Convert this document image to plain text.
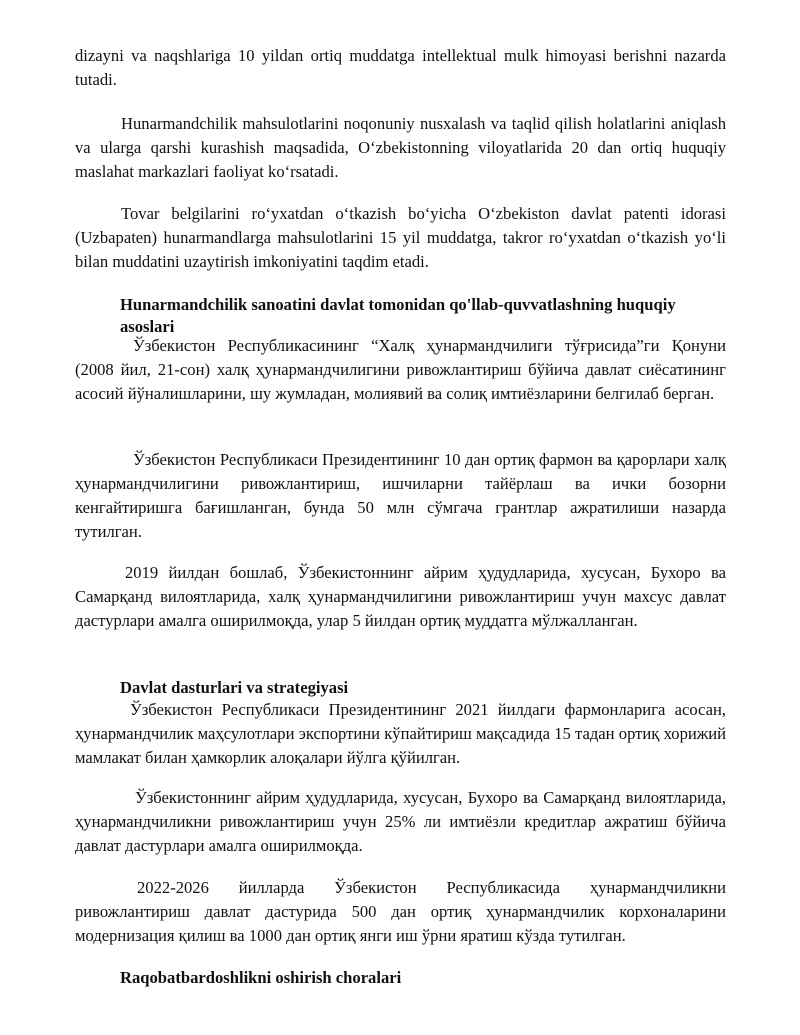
dizayni va naqshlariga 10 yildan ortiq muddatga intellektual mulk himoyasi berishni nazarda tutadi.

Hunarmandchilik mahsulotlarini noqonuniy nusxalash va taqlid qilish holatlarini aniqlash va ularga qarshi kurashish maqsadida, O‘zbekistonning viloyatlarida 20 dan ortiq huquqiy maslahat markazlari faoliyat ko‘rsatadi.

Tovar belgilarini ro‘yxatdan o‘tkazish bo‘yicha O‘zbekiston davlat patenti idorasi (Uzbapaten) hunarmandlarga mahsulotlarini 15 yil muddatga, takror ro‘yxatdan o‘tkazish yo‘li bilan muddatini uzaytirish imkoniyatini taqdim etadi.

Hunarmandchilik sanoatini davlat tomonidan qo'llab-quvvatlashning huquqiy asoslari

Ўзбекистон Республикасининг “Халқ ҳунармандчилиги тўғрисида”ги Қонуни (2008 йил, 21-сон) халқ ҳунармандчилигини ривожлантириш бўйича давлат сиёсатининг асосий йўналишларини, шу жумладан, молиявий ва солиқ имтиёзларини белгилаб берган.

Ўзбекистон Республикаси Президентининг 10 дан ортиқ фармон ва қарорлари халқ ҳунармандчилигини ривожлантириш, ишчиларни тайёрлаш ва ички бозорни кенгайтиришга бағишланган, бунда 50 млн сўмгача грантлар ажратилиши назарда тутилган.

2019 йилдан бошлаб, Ўзбекистоннинг айрим ҳудудларида, хусусан, Бухоро ва Самарқанд вилоятларида, халқ ҳунармандчилигини ривожлантириш учун махсус давлат дастурлари амалга оширилмоқда, улар 5 йилдан ортиқ муддатга мўлжалланган.

Davlat dasturlari va strategiyasi

Ўзбекистон Республикаси Президентининг 2021 йилдаги фармонларига асосан, ҳунармандчилик маҳсулотлари экспортини кўпайтириш мақсадида 15 тадан ортиқ хорижий мамлакат билан ҳамкорлик алоқалари йўлга қўйилган.

Ўзбекистоннинг айрим ҳудудларида, хусусан, Бухоро ва Самарқанд вилоятларида, ҳунармандчиликни ривожлантириш учун 25% ли имтиёзли кредитлар ажратиш бўйича давлат дастурлари амалга оширилмоқда.

2022-2026 йилларда Ўзбекистон Республикасида ҳунармандчиликни ривожлантириш давлат дастурида 500 дан ортиқ ҳунармандчилик корхоналарини модернизация қилиш ва 1000 дан ортиқ янги иш ўрни яратиш кўзда тутилган.

Raqobatbardoshlikni oshirish choralari
